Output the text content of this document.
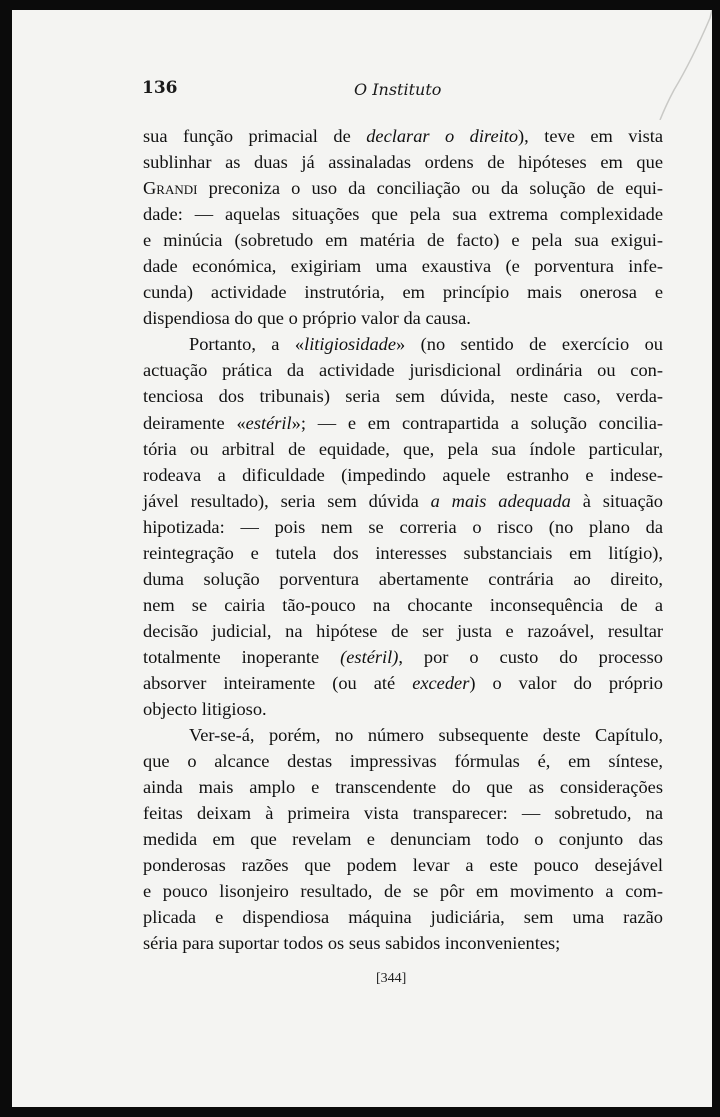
136	O Instituto
sua função primacial de declarar o direito), teve em vista
sublinhar as duas já assinaladas ordens de hipóteses em que
Grandi preconiza o uso da conciliação ou da solução de equi-
dade: — aquelas situações que pela sua extrema complexidade
e minúcia (sobretudo em matéria de facto) e pela sua exigui-
dade económica, exigiriam uma exaustiva (e porventura infe-
cunda) actividade instrutória, em princípio mais onerosa e
dispendiosa do que o próprio valor da causa.
Portanto, a «litigiosidade» (no sentido de exercício ou
actuação prática da actividade jurisdicional ordinária ou con-
tenciosa dos tribunais) seria sem dúvida, neste caso, verda-
deiramente «estéril»; — e em contrapartida a solução concilia-
tória ou arbitral de equidade, que, pela sua índole particular,
rodeava a dificuldade (impedindo aquele estranho e indese-
jável resultado), seria sem dúvida a mais adequada à situação
hipotizada: — pois nem se correria o risco (no plano da
reintegração e tutela dos interesses substanciais em litígio),
duma solução porventura abertamente contrária ao direito,
nem se cairia tão-pouco na chocante inconsequência de a
decisão judicial, na hipótese de ser justa e razoável, resultar
totalmente inoperante (estéril), por o custo do processo
absorver inteiramente (ou até exceder) o valor do próprio
objecto litigioso.
Ver-se-á, porém, no número subsequente deste Capítulo,
que o alcance destas impressivas fórmulas é, em síntese,
ainda mais amplo e transcendente do que as considerações
feitas deixam à primeira vista transparecer: — sobretudo, na
medida em que revelam e denunciam todo o conjunto das
ponderosas razões que podem levar a este pouco desejável
e pouco lisonjeiro resultado, de se pôr em movimento a com-
plicada e dispendiosa máquina judiciária, sem uma razão
séria para suportar todos os seus sabidos inconvenientes;
[344]
